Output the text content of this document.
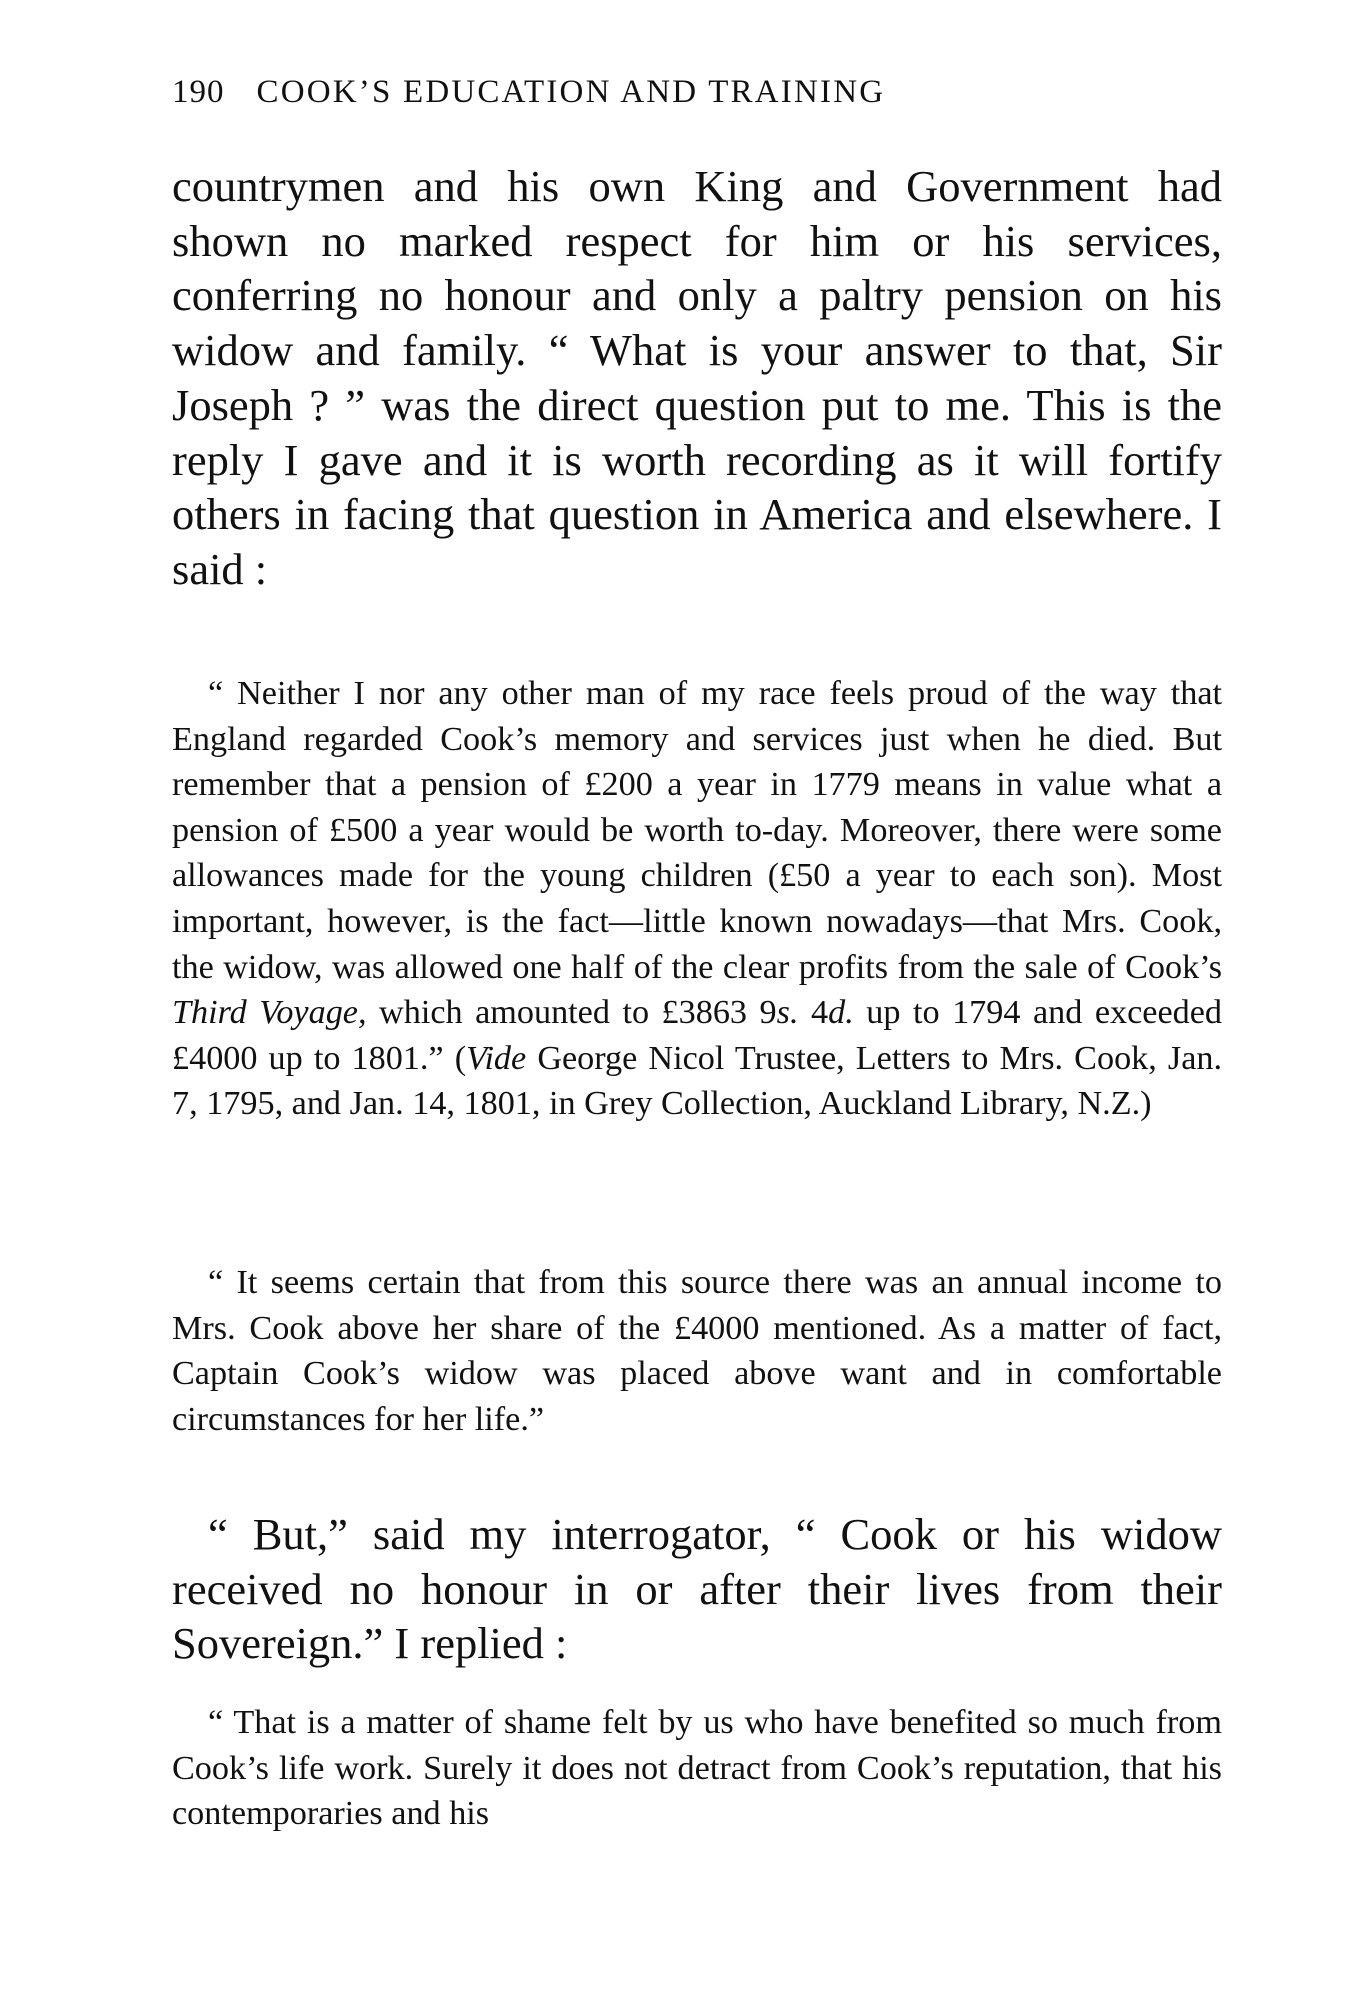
190 COOK’S EDUCATION AND TRAINING

countrymen and his own King and Government had shown no marked respect for him or his services, conferring no honour and only a paltry pension on his widow and family. “ What is your answer to that, Sir Joseph ? ” was the direct question put to me. This is the reply I gave and it is worth recording as it will fortify others in facing that question in America and elsewhere. I said :

“ Neither I nor any other man of my race feels proud of the way that England regarded Cook’s memory and services just when he died. But remember that a pension of £200 a year in 1779 means in value what a pension of £500 a year would be worth to-day. Moreover, there were some allowances made for the young children (£50 a year to each son). Most important, however, is the fact—little known nowadays—that Mrs. Cook, the widow, was allowed one half of the clear profits from the sale of Cook’s Third Voyage, which amounted to £3863 9s. 4d. up to 1794 and exceeded £4000 up to 1801.” (Vide George Nicol Trustee, Letters to Mrs. Cook, Jan. 7, 1795, and Jan. 14, 1801, in Grey Collection, Auckland Library, N.Z.)

“ It seems certain that from this source there was an annual income to Mrs. Cook above her share of the £4000 mentioned. As a matter of fact, Captain Cook’s widow was placed above want and in comfortable circumstances for her life.”

“ But,” said my interrogator, “ Cook or his widow received no honour in or after their lives from their Sovereign.” I replied :

“ That is a matter of shame felt by us who have benefited so much from Cook’s life work. Surely it does not detract from Cook’s reputation, that his contemporaries and his
